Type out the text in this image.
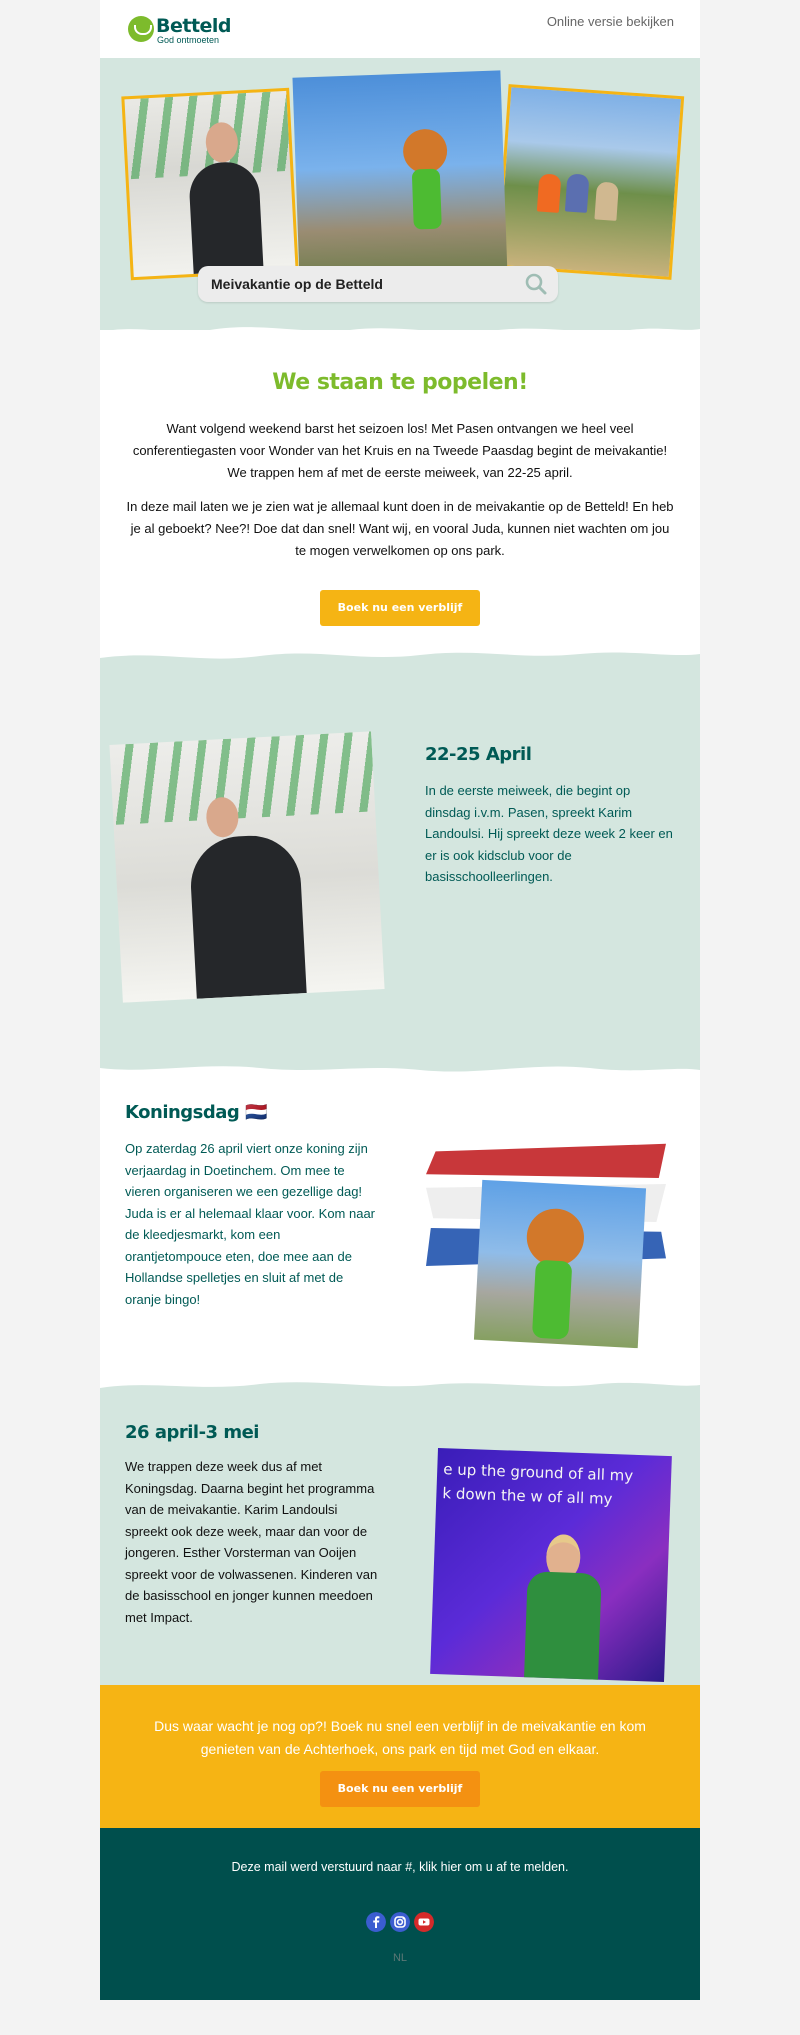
Betteld
God ontmoeten
Online versie bekijken
Meivakantie op de Betteld
We staan te popelen!
Want volgend weekend barst het seizoen los! Met Pasen ontvangen we heel veel conferentiegasten voor Wonder van het Kruis en na Tweede Paasdag begint de meivakantie! We trappen hem af met de eerste meiweek, van 22-25 april.
In deze mail laten we je zien wat je allemaal kunt doen in de meivakantie op de Betteld! En heb je al geboekt? Nee?! Doe dat dan snel! Want wij, en vooral Juda, kunnen niet wachten om jou te mogen verwelkomen op ons park.
Boek nu een verblijf
22-25 April
In de eerste meiweek, die begint op dinsdag i.v.m. Pasen, spreekt Karim Landoulsi. Hij spreekt deze week 2 keer en er is ook kidsclub voor de basisschoolleerlingen.
Koningsdag 🇳🇱
Op zaterdag 26 april viert onze koning zijn verjaardag in Doetinchem. Om mee te vieren organiseren we een gezellige dag! Juda is er al helemaal klaar voor. Kom naar de kleedjesmarkt, kom een orantjetompouce eten, doe mee aan de Hollandse spelletjes en sluit af met de oranje bingo!
26 april-3 mei
We trappen deze week dus af met Koningsdag. Daarna begint het programma van de meivakantie. Karim Landoulsi spreekt ook deze week, maar dan voor de jongeren. Esther Vorsterman van Ooijen spreekt voor de volwassenen. Kinderen van de basisschool en jonger kunnen meedoen met Impact.
e up the ground of all my
k down the w of all my
Dus waar wacht je nog op?! Boek nu snel een verblijf in de meivakantie en kom genieten van de Achterhoek, ons park en tijd met God en elkaar.
Boek nu een verblijf
Deze mail werd verstuurd naar #, klik hier om u af te melden.
NL
